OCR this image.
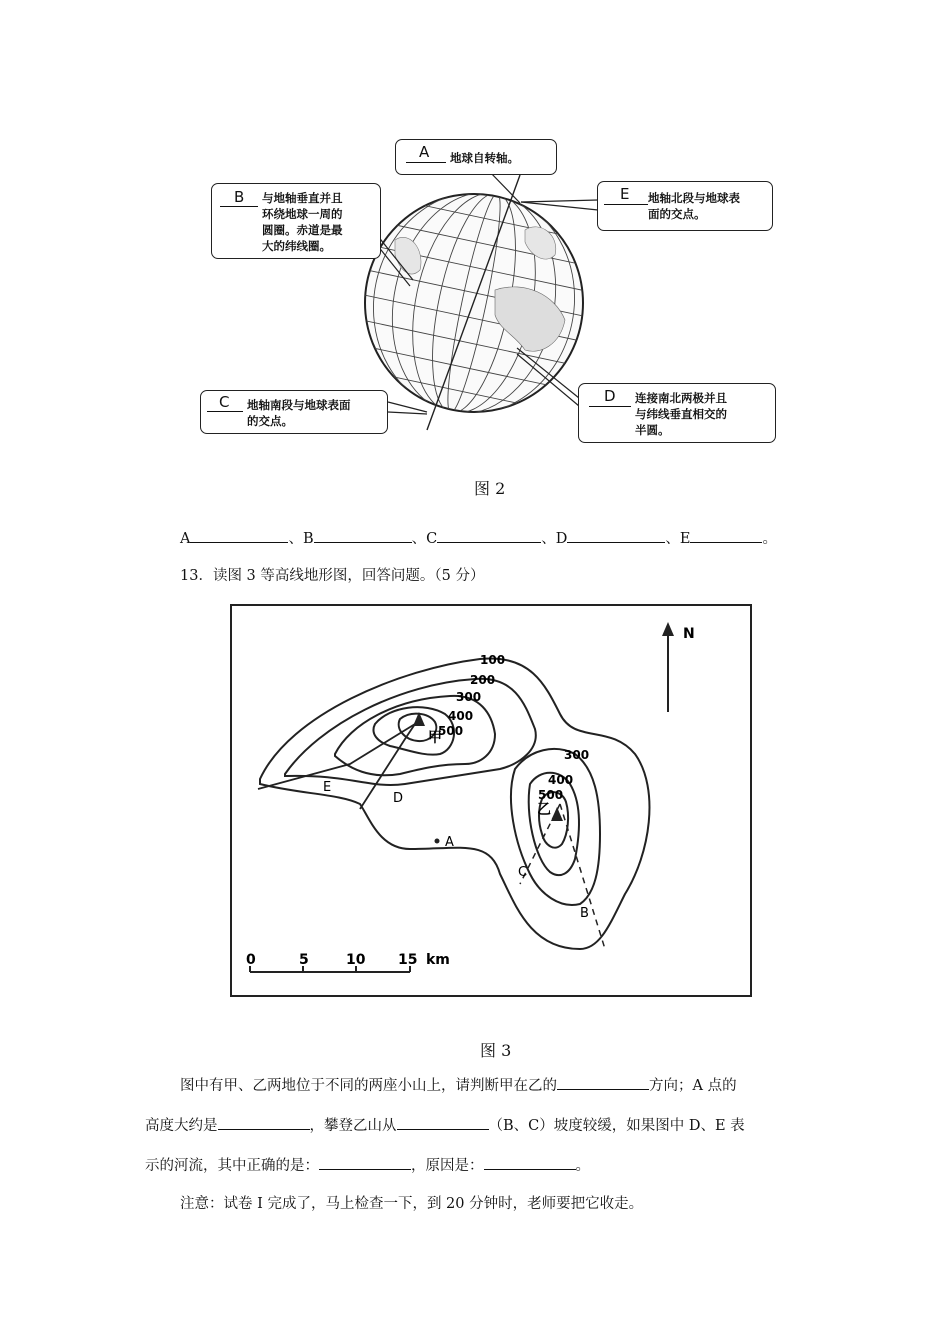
A 地球自转轴。
B 与地轴垂直并且
环绕地球一周的
圆圈。赤道是最
大的纬线圈。
E 地轴北段与地球表
面的交点。
C 地轴南段与地球表面
的交点。
D 连接南北两极并且
与纬线垂直相交的
半圆。
图 2
A	、B	、C	、D	、E	。
13．读图 3 等高线地形图，回答问题。（5 分）
N
100
200
300
400
500
300
400
500
甲
乙
A
B
C
D
E
0	5	10 15 km
图 3
图中有甲、乙两地位于不同的两座小山上，请判断甲在乙的	方向；A 点的
高度大约是	，攀登乙山从	（B、C）坡度较缓，如果图中 D、E 表
示的河流，其中正确的是：	，原因是：	。
注意：试卷 I 完成了，马上检查一下，到 20 分钟时，老师要把它收走。
